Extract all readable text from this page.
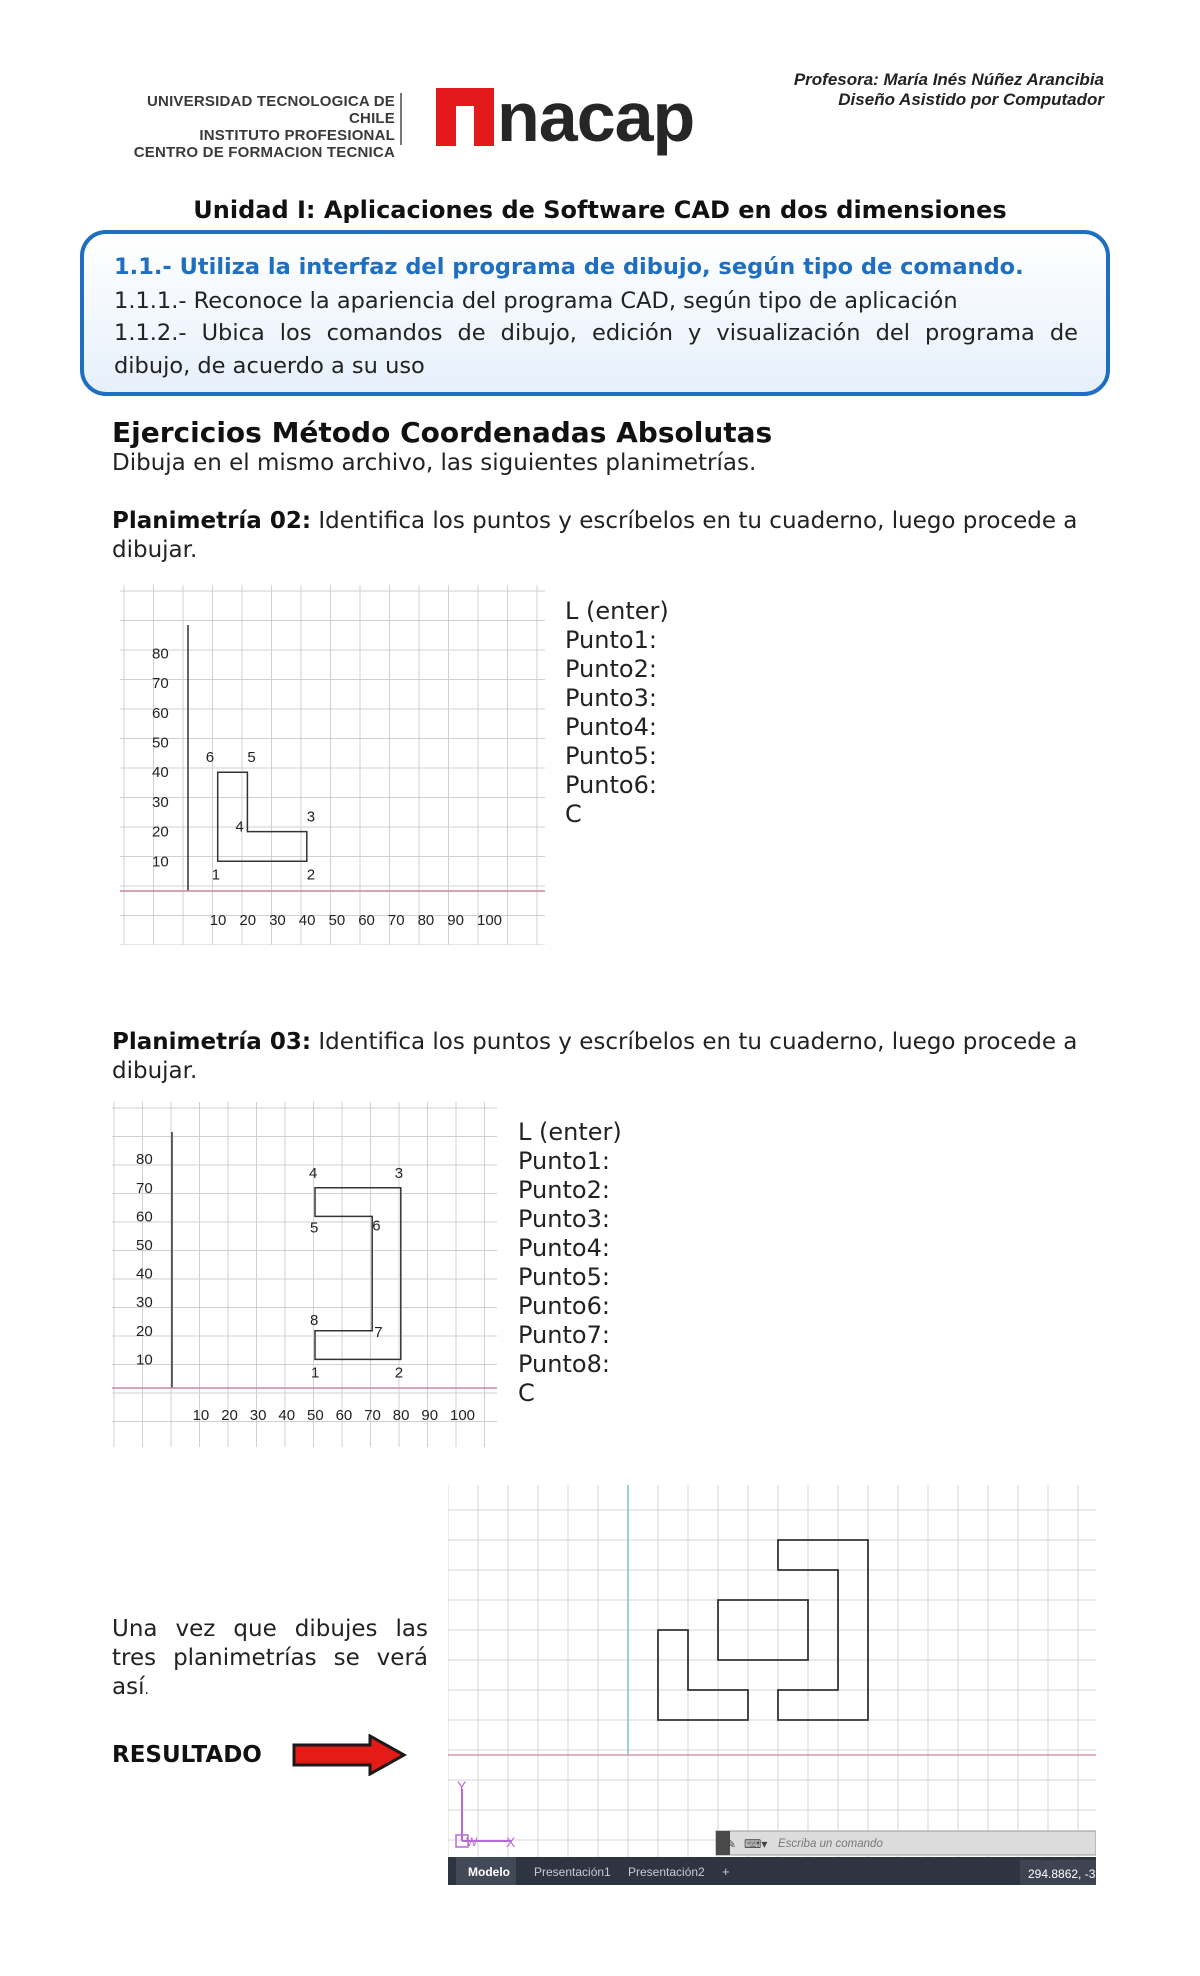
Profesora: María Inés Núñez Arancibia
Diseño Asistido por Computador
UNIVERSIDAD TECNOLOGICA DE CHILE
INSTITUTO PROFESIONAL
CENTRO DE FORMACION TECNICA nacap
Unidad I: Aplicaciones de Software CAD en dos dimensiones
1.1.- Utiliza la interfaz del programa de dibujo, según tipo de comando.
1.1.1.- Reconoce la apariencia del programa CAD, según tipo de aplicación
1.1.2.- Ubica los comandos de dibujo, edición y visualización del programa de
dibujo, de acuerdo a su uso
Ejercicios Método Coordenadas Absolutas
Dibuja en el mismo archivo, las siguientes planimetrías.
Planimetría 02: Identifica los puntos y escríbelos en tu cuaderno, luego procede a dibujar.
80
70
60
50
40
30
20
10
10 20 30 40 50 60 70 80 90 100
1	2
3
4
5
6
L (enter)
Punto1:
Punto2:
Punto3:
Punto4:
Punto5:
Punto6:
C
Planimetría 03: Identifica los puntos y escríbelos en tu cuaderno, luego procede a dibujar.
80
70
60
50
40
30
20
10
10 20 30 40 50 60 70 80 90 100
1	2
3
4
5	6
7
8
L (enter)
Punto1:
Punto2:
Punto3:
Punto4:
Punto5:
Punto6:
Punto7:
Punto8:
C
Una vez que dibujes las tres planimetrías se verá así.
RESULTADO
Y
W X	✎ ⌨▾ Escriba un comando
Modelo Presentación1 Presentación2 +	294.8862, -3
